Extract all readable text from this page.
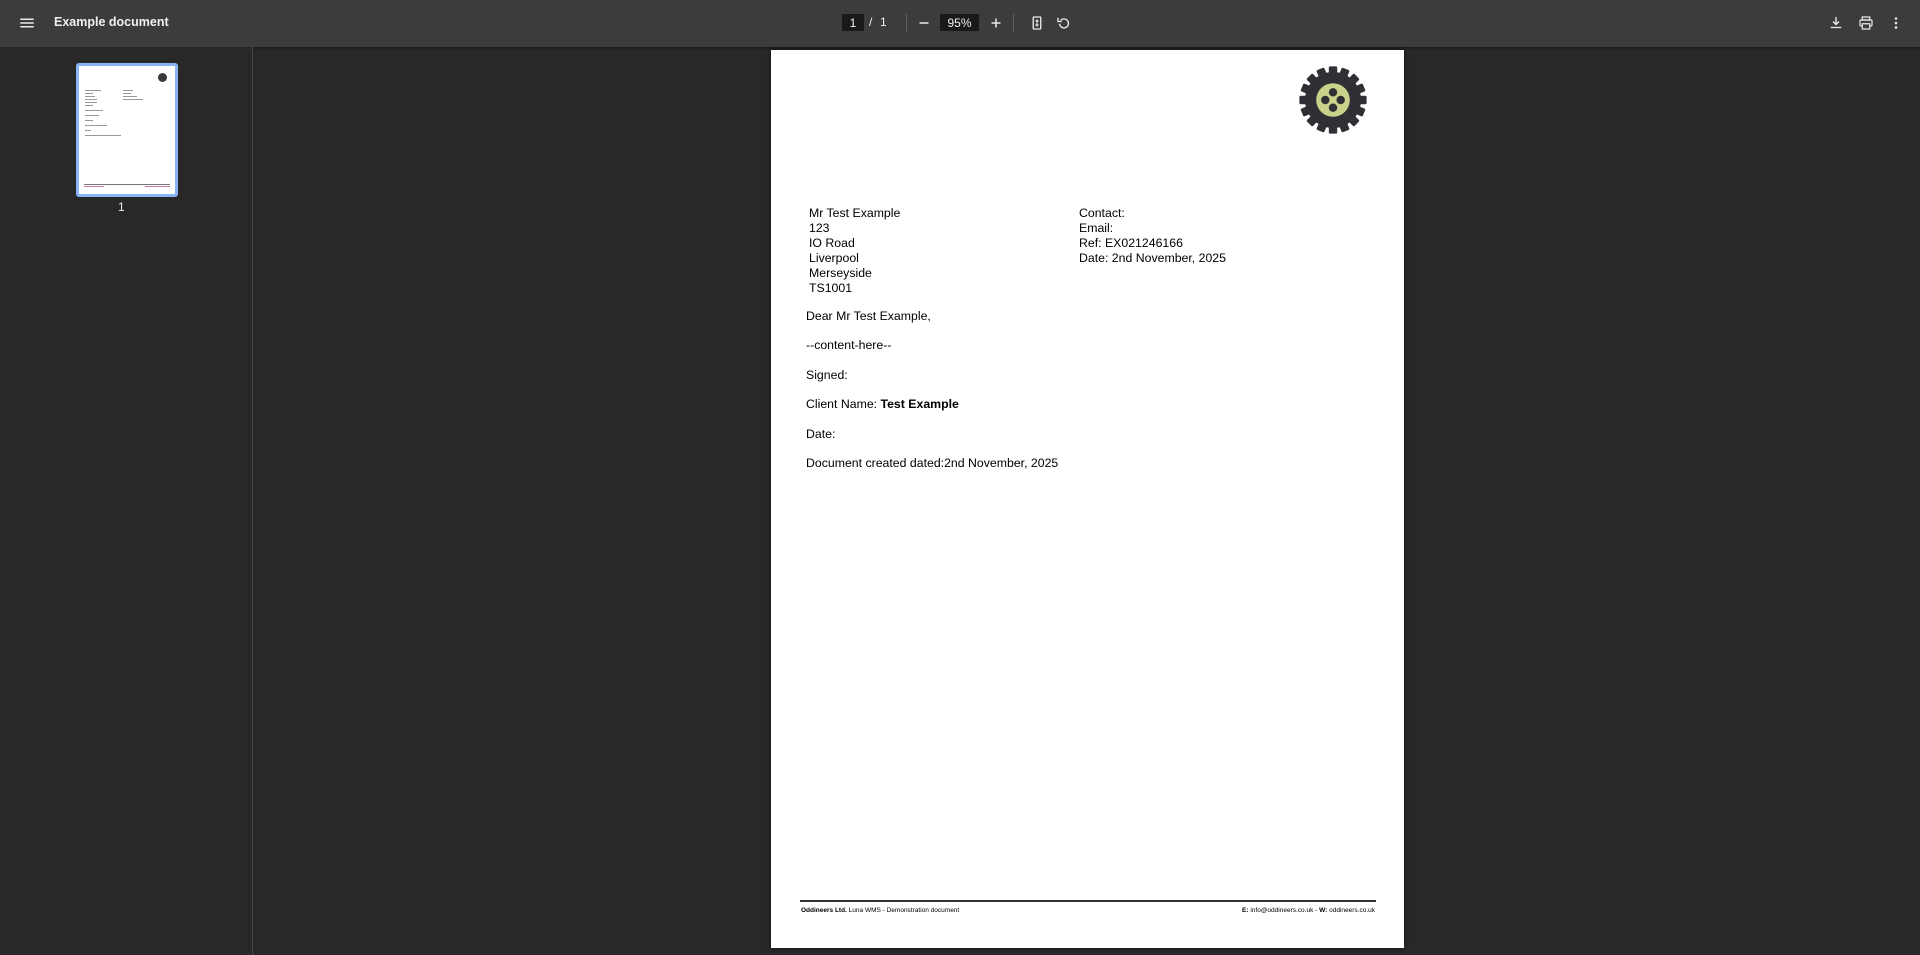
Example document	1	/ 1	95%
1	Mr Test Example
123
IO Road
Liverpool
Merseyside
TS1001
Contact:
Email:
Ref: EX021246166
Date: 2nd November, 2025
Dear Mr Test Example,
--content-here--
Signed:
Client Name: Test Example
Date:
Document created dated:2nd November, 2025
Oddineers Ltd. Luna WMS - Demonstration document	E: info@oddineers.co.uk - W: oddineers.co.uk
